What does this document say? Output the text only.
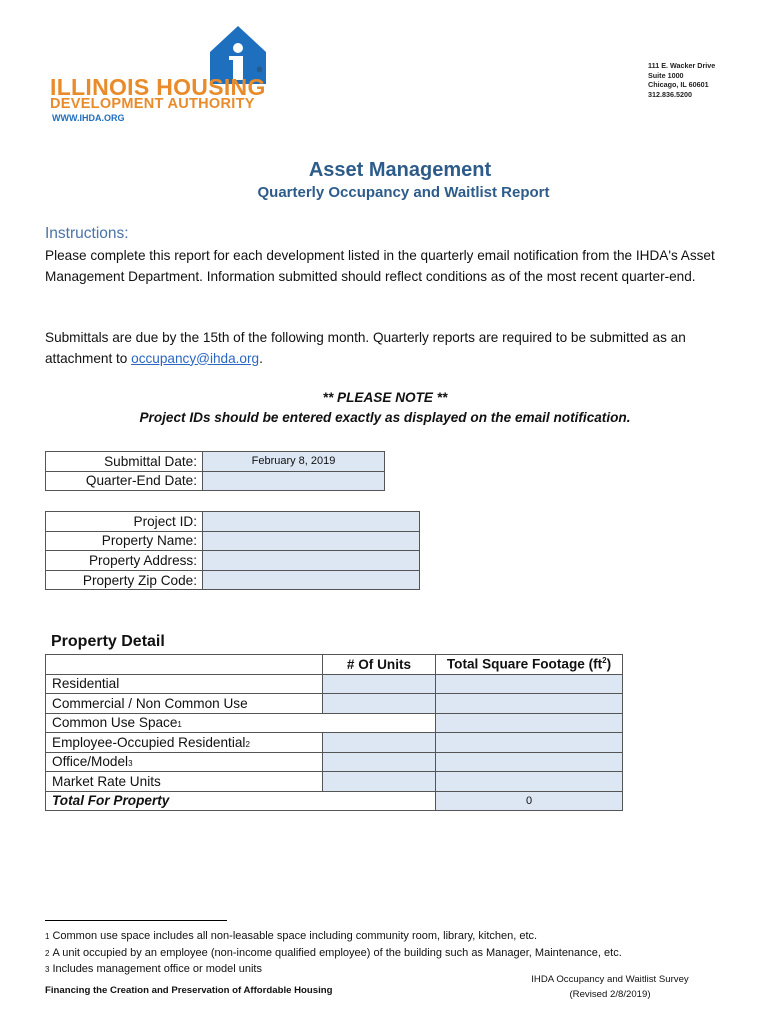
®
ILLINOIS HOUSING
DEVELOPMENT AUTHORITY
WWW.IHDA.ORG
111 E. Wacker Drive
Suite 1000
Chicago, IL 60601
312.836.5200
Asset Management
Quarterly Occupancy and Waitlist Report
Instructions:
Please complete this report for each development listed in the quarterly email notification from the IHDA's Asset Management Department. Information submitted should reflect conditions as of the most recent quarter-end.
Submittals are due by the 15th of the following month. Quarterly reports are required to be submitted as an attachment to occupancy@ihda.org.
** PLEASE NOTE **
Project IDs should be entered exactly as displayed on the email notification.
Submittal Date:	February 8, 2019
Quarter-End Date:	
Project ID:	
Property Name:	
Property Address:	
Property Zip Code:	
Property Detail
	# Of Units	Total Square Footage $(ft^2)$
Residential		
Commercial / Non Common Use		
Common Use Space1		
Employee-Occupied Residential2		
Office/Model3		
Market Rate Units		
Total For Property		0
1 Common use space includes all non-leasable space including community room, library, kitchen, etc.
2 A unit occupied by an employee (non-income qualified employee) of the building such as Manager, Maintenance, etc.
3 Includes management office or model units
Financing the Creation and Preservation of Affordable Housing
IHDA Occupancy and Waitlist Survey
(Revised 2/8/2019)
